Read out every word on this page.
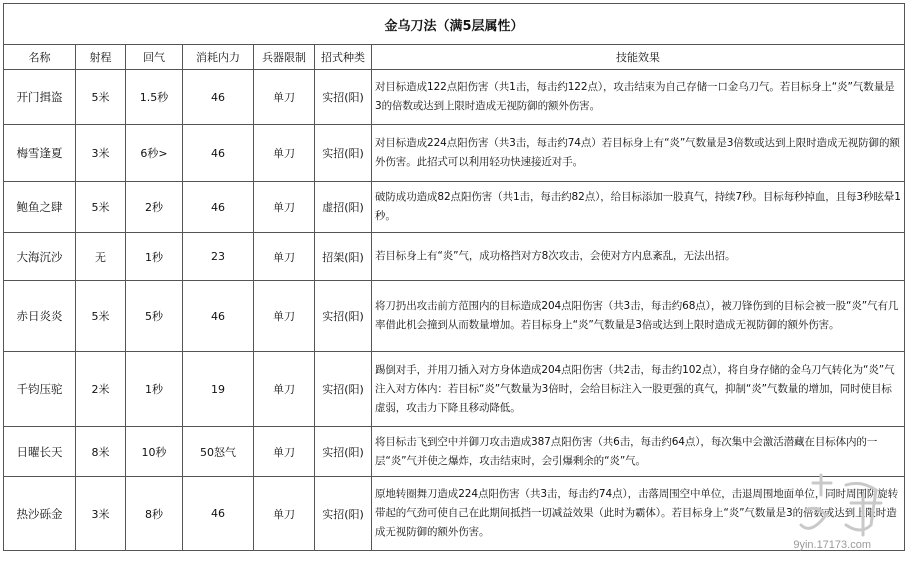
金乌刀法（满5层属性）						
名称	射程	回气	消耗内力	兵器限制	招式种类	技能效果
开门揖盗	5米	1.5秒	46	单刀	实招(阳)	对目标造成122点阳伤害（共1击，每击约122点），攻击结束为自己存储一口金乌刀气。若目标身上“炎”气数量是3的倍数或达到上限时造成无视防御的额外伤害。
梅雪逢夏	3米	6秒>	46	单刀	实招(阳)	对目标造成224点阳伤害（共3击，每击约74点）若目标身上有“炎”气数量是3倍数或达到上限时造成无视防御的额外伤害。此招式可以利用轻功快速接近对手。
鲍鱼之肆	5米	2秒	46	单刀	虚招(阳)	破防成功造成82点阳伤害（共1击，每击约82点），给目标添加一股真气，持续7秒。目标每秒掉血，且每3秒眩晕1秒。
大海沉沙	无	1秒	23	单刀	招架(阳)	若目标身上有“炎”气，成功格挡对方8次攻击，会使对方内息紊乱，无法出招。
赤日炎炎	5米	5秒	46	单刀	实招(阳)	将刀扔出攻击前方范围内的目标造成204点阳伤害（共3击，每击约68点），被刀锋伤到的目标会被一股“炎”气有几率借此机会撞到从而数量增加。若目标身上“炎”气数量是3倍或达到上限时造成无视防御的额外伤害。
千钧压驼	2米	1秒	19	单刀	实招(阳)	踢倒对手，并用刀插入对方身体造成204点阳伤害（共2击，每击约102点），将自身存储的金乌刀气转化为“炎”气注入对方体内：若目标“炎”气数量为3倍时，会给目标注入一股更强的真气，抑制“炎”气数量的增加，同时使目标虚弱，攻击力下降且移动降低。
日曜长天	8米	10秒	50怒气	单刀	实招(阳)	将目标击飞到空中并御刀攻击造成387点阳伤害（共6击，每击约64点），每次集中会激活潜藏在目标体内的一层“炎”气并使之爆炸，攻击结束时，会引爆剩余的“炎”气。
热沙砾金	3米	8秒	46	单刀	实招(阳)	原地转圈舞刀造成224点阳伤害（共3击，每击约74点），击落周围空中单位，击退周围地面单位，同时周围阴旋转带起的气劲可使自己在此期间抵挡一切减益效果（此时为霸体）。若目标身上“炎”气数量是3的倍数或达到上限时造成无视防御的额外伤害。
9yin.17173.com
